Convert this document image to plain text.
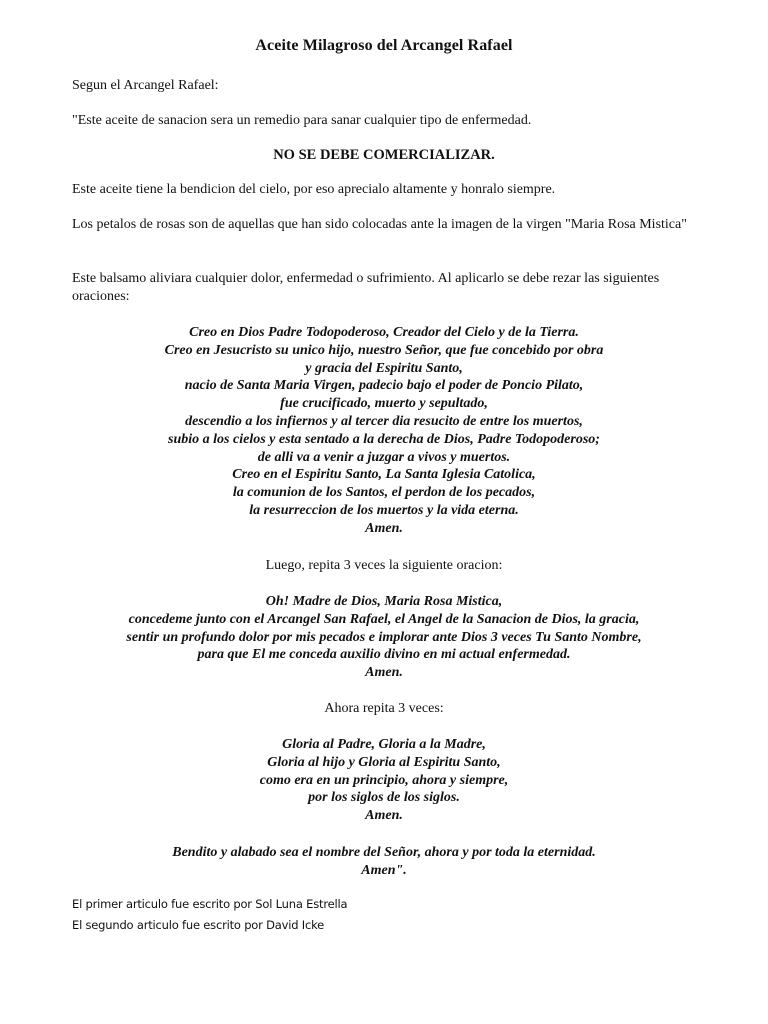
Aceite Milagroso del Arcangel Rafael
Segun el Arcangel Rafael:
"Este aceite de sanacion sera un remedio para sanar cualquier tipo de enfermedad.
NO SE DEBE COMERCIALIZAR.
Este aceite tiene la bendicion del cielo, por eso aprecialo altamente y honralo siempre.
Los petalos de rosas son de aquellas que han sido colocadas ante la imagen de la virgen "Maria Rosa Mistica"
Este balsamo aliviara cualquier dolor, enfermedad o sufrimiento. Al aplicarlo se debe rezar las siguientes oraciones:
Creo en Dios Padre Todopoderoso, Creador del Cielo y de la Tierra.
Creo en Jesucristo su unico hijo, nuestro Señor, que fue concebido por obra
y gracia del Espiritu Santo,
nacio de Santa Maria Virgen, padecio bajo el poder de Poncio Pilato,
fue crucificado, muerto y sepultado,
descendio a los infiernos y al tercer dia resucito de entre los muertos,
subio a los cielos y esta sentado a la derecha de Dios, Padre Todopoderoso;
de alli va a venir a juzgar a vivos y muertos.
Creo en el Espiritu Santo, La Santa Iglesia Catolica,
la comunion de los Santos, el perdon de los pecados,
la resurreccion de los muertos y la vida eterna.
Amen.
Luego, repita 3 veces la siguiente oracion:
Oh! Madre de Dios, Maria Rosa Mistica,
concedeme junto con el Arcangel San Rafael, el Angel de la Sanacion de Dios, la gracia,
sentir un profundo dolor por mis pecados e implorar ante Dios 3 veces Tu Santo Nombre,
para que El me conceda auxilio divino en mi actual enfermedad.
Amen.
Ahora repita 3 veces:
Gloria al Padre, Gloria a la Madre,
Gloria al hijo y Gloria al Espiritu Santo,
como era en un principio, ahora y siempre,
por los siglos de los siglos.
Amen.
Bendito y alabado sea el nombre del Señor, ahora y por toda la eternidad.
Amen".
El primer articulo fue escrito por Sol Luna Estrella
El segundo articulo fue escrito por David Icke
